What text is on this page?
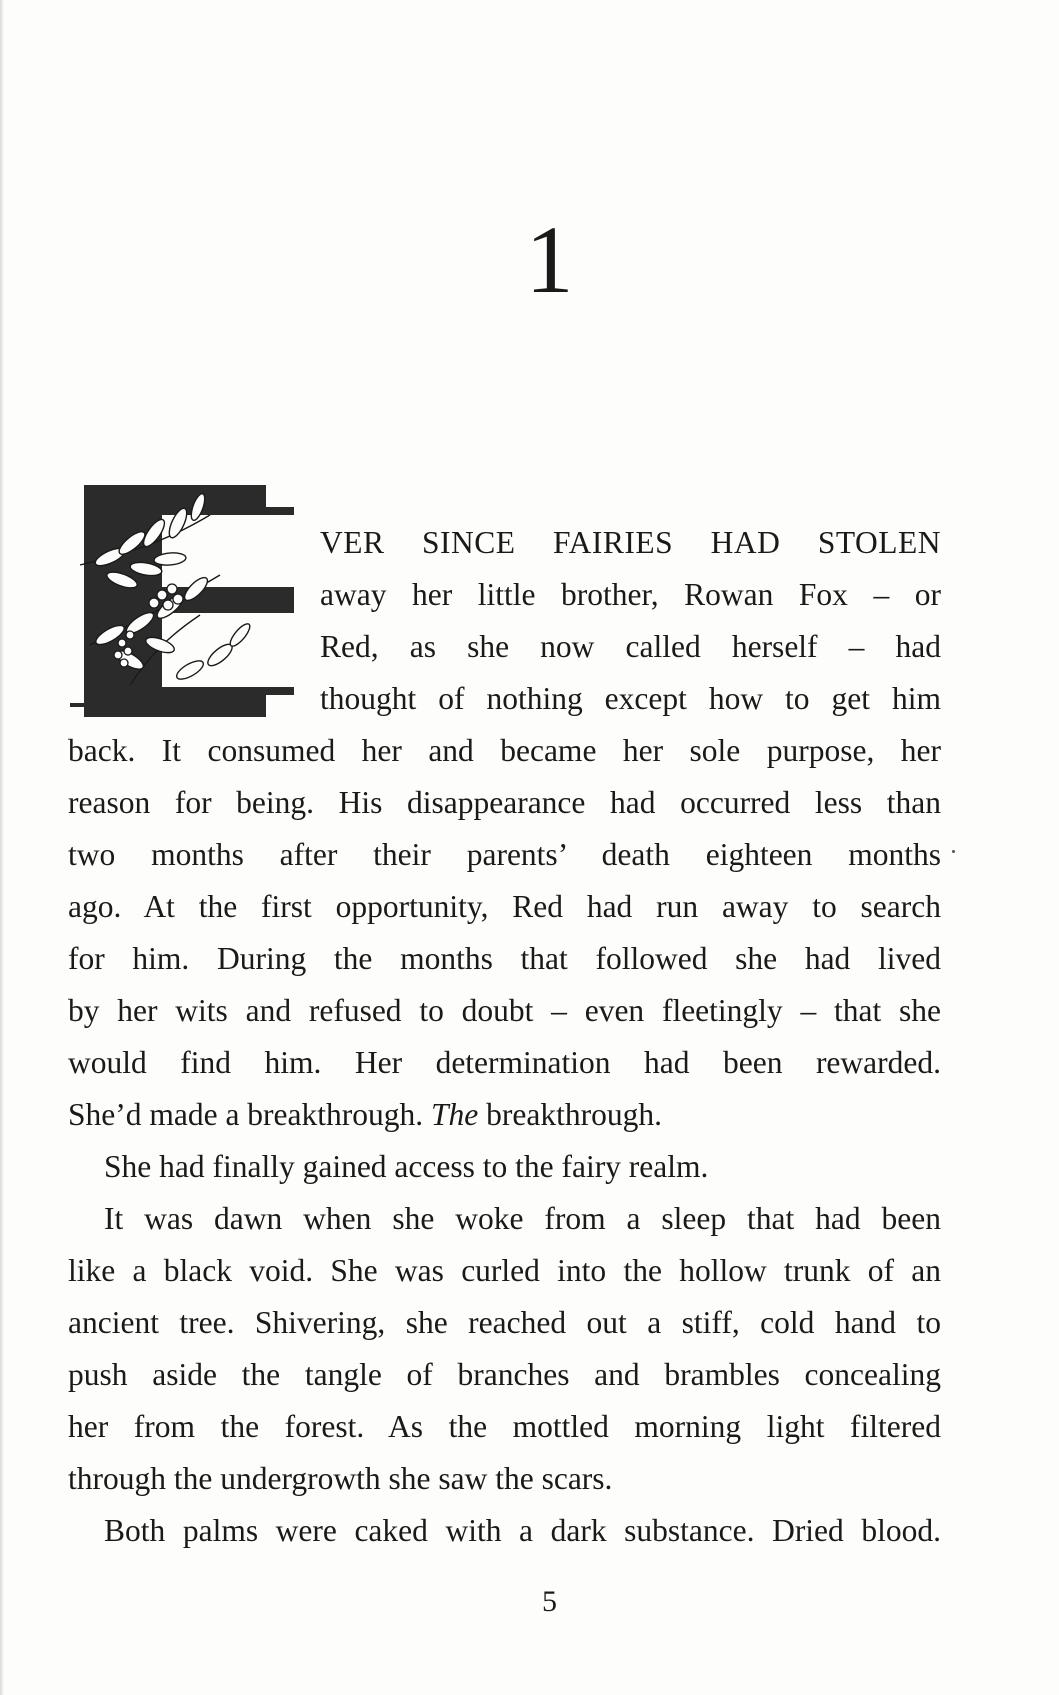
1
VER SINCE FAIRIES HAD STOLEN
away her little brother, Rowan Fox – or
Red, as she now called herself – had
thought of nothing except how to get him
back. It consumed her and became her sole purpose, her
reason for being. His disappearance had occurred less than
two months after their parents’ death eighteen months
ago. At the first opportunity, Red had run away to search
for him. During the months that followed she had lived
by her wits and refused to doubt – even fleetingly – that she
would find him. Her determination had been rewarded.
She’d made a breakthrough. The breakthrough.
She had finally gained access to the fairy realm.
It was dawn when she woke from a sleep that had been
like a black void. She was curled into the hollow trunk of an
ancient tree. Shivering, she reached out a stiff, cold hand to
push aside the tangle of branches and brambles concealing
her from the forest. As the mottled morning light filtered
through the undergrowth she saw the scars.
Both palms were caked with a dark substance. Dried blood.
5
